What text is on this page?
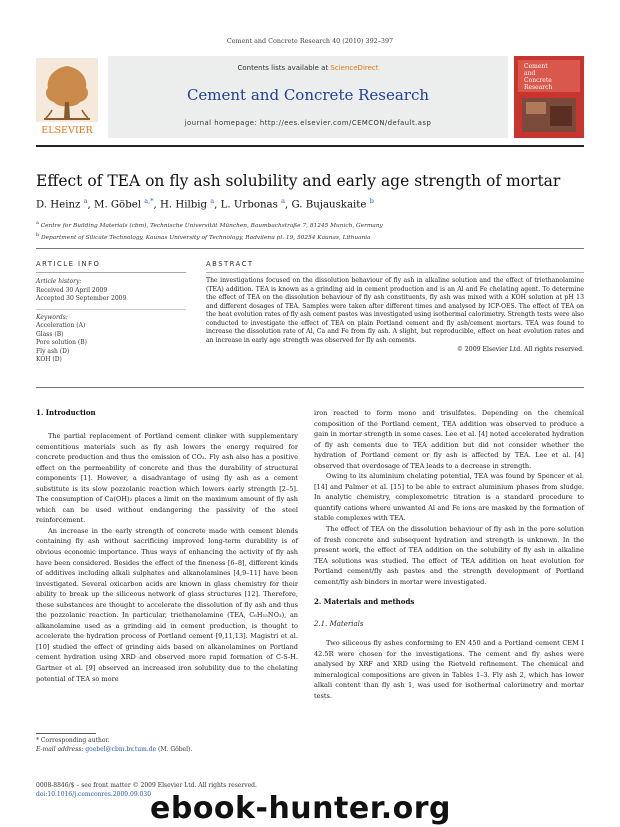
Cement and Concrete Research 40 (2010) 392–397
ELSEVIER
Contents lists available at ScienceDirect
Cement and Concrete Research
journal homepage: http://ees.elsevier.com/CEMCON/default.asp
Cement
and
Concrete
Research
Effect of TEA on fly ash solubility and early age strength of mortar
D. Heinz $^a$, M. Göbel $^{a,*}$, H. Hilbig $^a$, L. Urbonas $^a$, G. Bujauskaite $^b$
$^a$ Centre for Building Materials (cbm), Technische Universität München, Baumbachstraße 7, 81245 Munich, Germany
$^b$ Department of Silicate Technology, Kaunas University of Technology, Radvilenu pl. 19, 50254 Kaunas, Lithuania
ARTICLE INFO
Article history:
Received 30 April 2009
Accepted 30 September 2009
Keywords:
Acceleration (A)
Glass (B)
Pore solution (B)
Fly ash (D)
KOH (D)
ABSTRACT

The investigations focused on the dissolution behaviour of fly ash in alkaline solution and the effect of triethanolamine (TEA) addition. TEA is known as a grinding aid in cement production and is an Al and Fe chelating agent. To determine the effect of TEA on the dissolution behaviour of fly ash constituents, fly ash was mixed with a KOH solution at pH 13 and different dosages of TEA. Samples were taken after different times and analysed by ICP-OES. The effect of TEA on the heat evolution rates of fly ash cement pastes was investigated using isothermal calorimetry. Strength tests were also conducted to investigate the effect of TEA on plain Portland cement and fly ash/cement mortars. TEA was found to increase the dissolution rate of Al, Ca and Fe from fly ash. A slight, but reproducible, effect on heat evolution rates and an increase in early age strength was observed for fly ash cements.

© 2009 Elsevier Ltd. All rights reserved.
1. Introduction

The partial replacement of Portland cement clinker with supplementary cementitious materials such as fly ash lowers the energy required for concrete production and thus the emission of CO₂. Fly ash also has a positive effect on the permeability of concrete and thus the durability of structural components [1]. However, a disadvantage of using fly ash as a cement substitute is its slow pozzolanic reaction which lowers early strength [2–5]. The consumption of Ca(OH)₂ places a limit on the maximum amount of fly ash which can be used without endangering the passivity of the steel reinforcement.

An increase in the early strength of concrete made with cement blends containing fly ash without sacrificing improved long-term durability is of obvious economic importance. Thus ways of enhancing the activity of fly ash have been considered. Besides the effect of the fineness [6–8], different kinds of additives including alkali sulphates and alkanolamines [4,9–11] have been investigated. Several oxicarbon acids are known in glass chemistry for their ability to break up the siliceous network of glass structures [12]. Therefore, these substances are thought to accelerate the dissolution of fly ash and thus the pozzolanic reaction. In particular, triethanolamine (TEA, C₆H₁₅NO₃), an alkanolamine used as a grinding aid in cement production, is thought to accelerate the hydration process of Portland cement [9,11,13]. Magistri et al. [10] studied the effect of grinding aids based on alkanolamines on Portland cement hydration using XRD and observed more rapid formation of C-S-H. Gartner et al. [9] observed an increased iron solubility due to the chelating potential of TEA so more

iron reacted to form mono and trisulfates. Depending on the chemical composition of the Portland cement, TEA addition was observed to produce a gain in mortar strength in some cases. Lee et al. [4] noted accelerated hydration of fly ash cements due to TEA addition but did not consider whether the hydration of Portland cement or fly ash is affected by TEA. Lee et al. [4] observed that overdosage of TEA leads to a decrease in strength.

Owing to its aluminium chelating potential, TEA was found by Spencer et al. [14] and Palmer et al. [15] to be able to extract aluminium phases from sludge. In analytic chemistry, complexometric titration is a standard procedure to quantify cations where unwanted Al and Fe ions are masked by the formation of stable complexes with TEA.

The effect of TEA on the dissolution behaviour of fly ash in the pore solution of fresh concrete and subsequent hydration and strength is unknown. In the present work, the effect of TEA addition on the solubility of fly ash in alkaline TEA solutions was studied. The effect of TEA addition on heat evolution for Portland cement/fly ash pastes and the strength development of Portland cement/fly ash binders in mortar were investigated.

2. Materials and methods
2.1. Materials

Two siliceous fly ashes conforming to EN 450 and a Portland cement CEM I 42.5R were chosen for the investigations. The cement and fly ashes were analysed by XRF and XRD using the Rietveld refinement. The chemical and mineralogical compositions are given in Tables 1–3. Fly ash 2, which has lower alkali content than fly ash 1, was used for isothermal calorimetry and mortar tests.

* Corresponding author.
E-mail address: goebel@cbm.bv.tum.de (M. Göbel).
0008-8846/$ – see front matter © 2009 Elsevier Ltd. All rights reserved.
doi:10.1016/j.cemconres.2009.09.030
ebook-hunter.org
